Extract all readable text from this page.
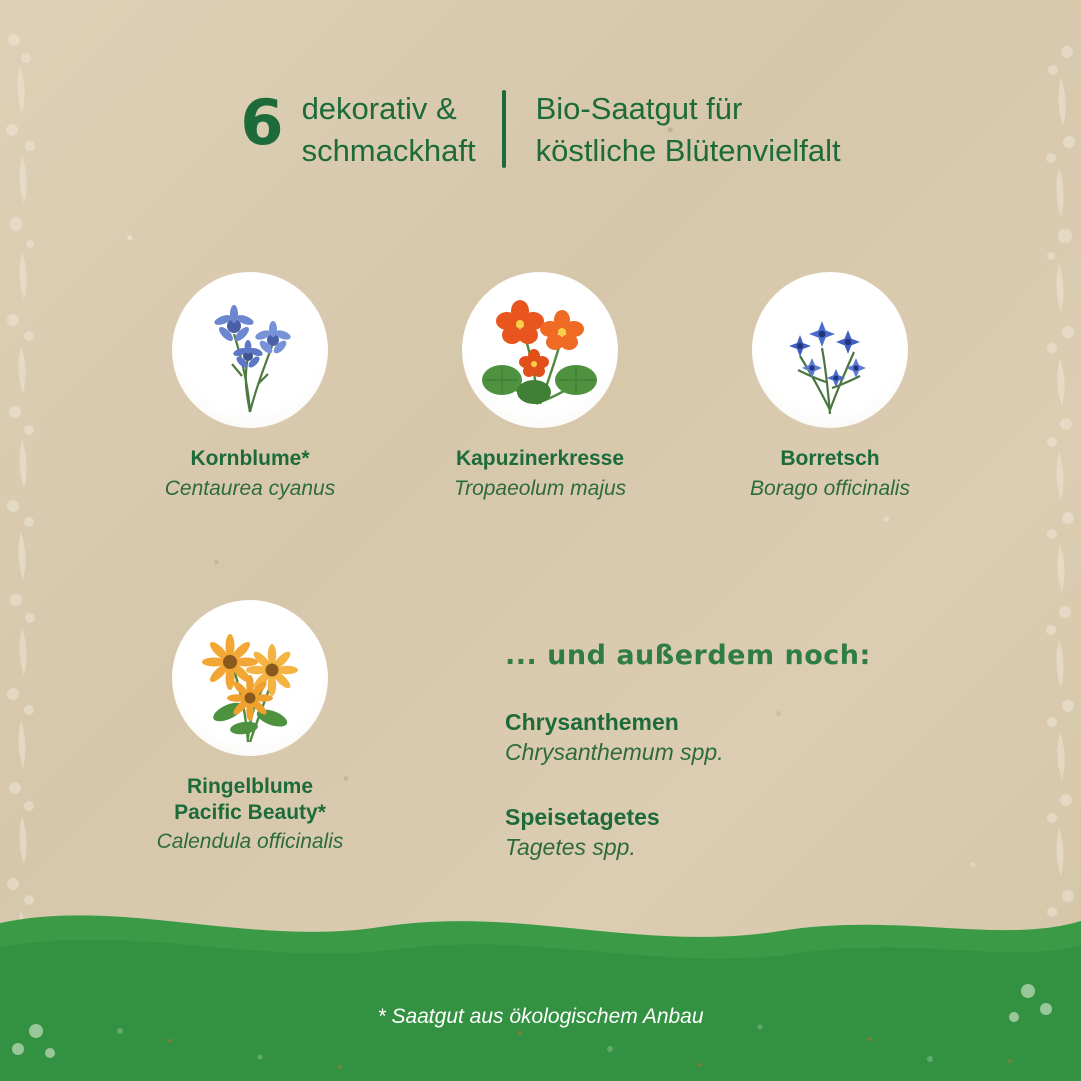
6 dekorativ &
schmackhaft
Bio-Saatgut für
köstliche Blütenvielfalt
Kornblume*
Centaurea cyanus
Kapuzinerkresse
Tropaeolum majus
Borretsch
Borago officinalis
Ringelblume
Pacific Beauty*
Calendula officinalis
... und außerdem noch:
Chrysanthemen
Chrysanthemum spp.
Speisetagetes
Tagetes spp.
* Saatgut aus ökologischem Anbau
